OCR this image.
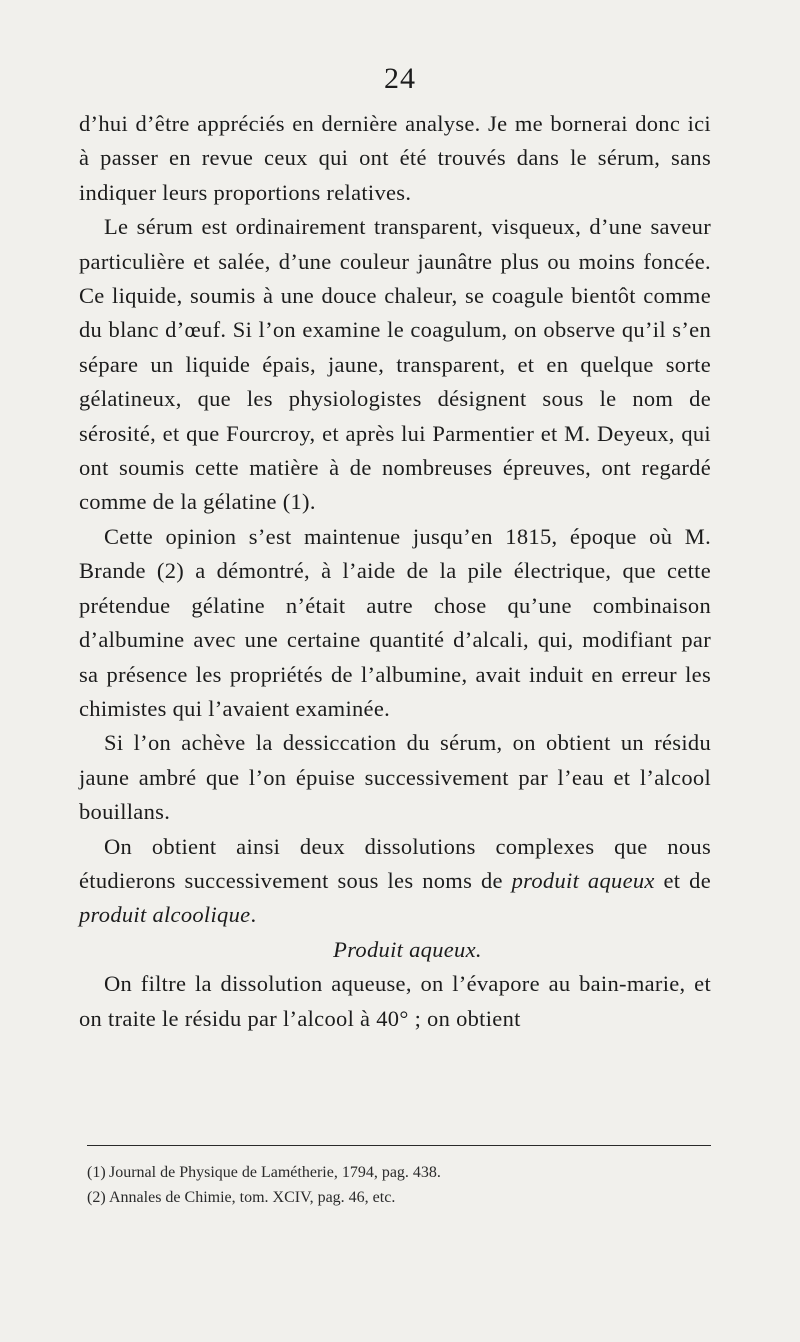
24

d’hui d’être appréciés en dernière analyse. Je me bornerai donc ici à passer en revue ceux qui ont été trouvés dans le sérum, sans indiquer leurs proportions relatives.

Le sérum est ordinairement transparent, visqueux, d’une saveur particulière et salée, d’une couleur jaunâtre plus ou moins foncée. Ce liquide, soumis à une douce chaleur, se coagule bientôt comme du blanc d’œuf. Si l’on examine le coagulum, on observe qu’il s’en sépare un liquide épais, jaune, transparent, et en quelque sorte gélatineux, que les physiologistes désignent sous le nom de sérosité, et que Fourcroy, et après lui Parmentier et M. Deyeux, qui ont soumis cette matière à de nombreuses épreuves, ont regardé comme de la gélatine (1).

Cette opinion s’est maintenue jusqu’en 1815, époque où M. Brande (2) a démontré, à l’aide de la pile électrique, que cette prétendue gélatine n’était autre chose qu’une combinaison d’albumine avec une certaine quantité d’alcali, qui, modifiant par sa présence les propriétés de l’albumine, avait induit en erreur les chimistes qui l’avaient examinée.

Si l’on achève la dessiccation du sérum, on obtient un résidu jaune ambré que l’on épuise successivement par l’eau et l’alcool bouillans.

On obtient ainsi deux dissolutions complexes que nous étudierons successivement sous les noms de produit aqueux et de produit alcoolique.

Produit aqueux.

On filtre la dissolution aqueuse, on l’évapore au bain-marie, et on traite le résidu par l’alcool à 40° ; on obtient

(1) Journal de Physique de Lamétherie, 1794, pag. 438.
(2) Annales de Chimie, tom. XCIV, pag. 46, etc.
